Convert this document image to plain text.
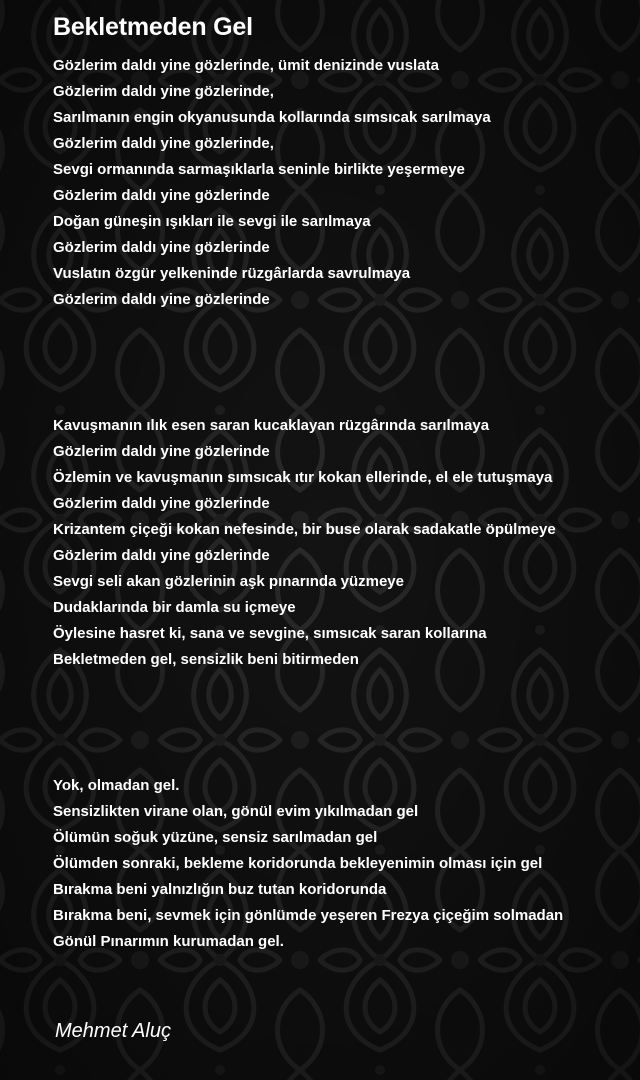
Bekletmeden Gel
Gözlerim daldı yine gözlerinde, ümit denizinde vuslata
Gözlerim daldı yine gözlerinde,
Sarılmanın engin okyanusunda kollarında sımsıcak sarılmaya
Gözlerim daldı yine gözlerinde,
Sevgi ormanında sarmaşıklarla seninle birlikte yeşermeye
Gözlerim daldı yine gözlerinde
Doğan güneşin ışıkları ile sevgi ile sarılmaya
Gözlerim daldı yine gözlerinde
Vuslatın özgür yelkeninde rüzgârlarda savrulmaya
Gözlerim daldı yine gözlerinde
Kavuşmanın ılık esen saran kucaklayan rüzgârında sarılmaya
Gözlerim daldı yine gözlerinde
Özlemin ve kavuşmanın sımsıcak ıtır kokan ellerinde, el ele tutuşmaya
Gözlerim daldı yine gözlerinde
Krizantem çiçeği kokan nefesinde, bir buse olarak sadakatle öpülmeye
Gözlerim daldı yine gözlerinde
Sevgi seli akan gözlerinin aşk pınarında yüzmeye
Dudaklarında bir damla su içmeye
Öylesine hasret ki, sana ve sevgine, sımsıcak saran kollarına
Bekletmeden gel, sensizlik beni bitirmeden
Yok, olmadan gel.
Sensizlikten virane olan, gönül evim yıkılmadan gel
Ölümün soğuk yüzüne, sensiz sarılmadan gel
Ölümden sonraki, bekleme koridorunda bekleyenimin olması için gel
Bırakma beni yalnızlığın buz tutan koridorunda
Bırakma beni, sevmek için gönlümde yeşeren Frezya çiçeğim solmadan
Gönül Pınarımın kurumadan gel.
Mehmet Aluç
